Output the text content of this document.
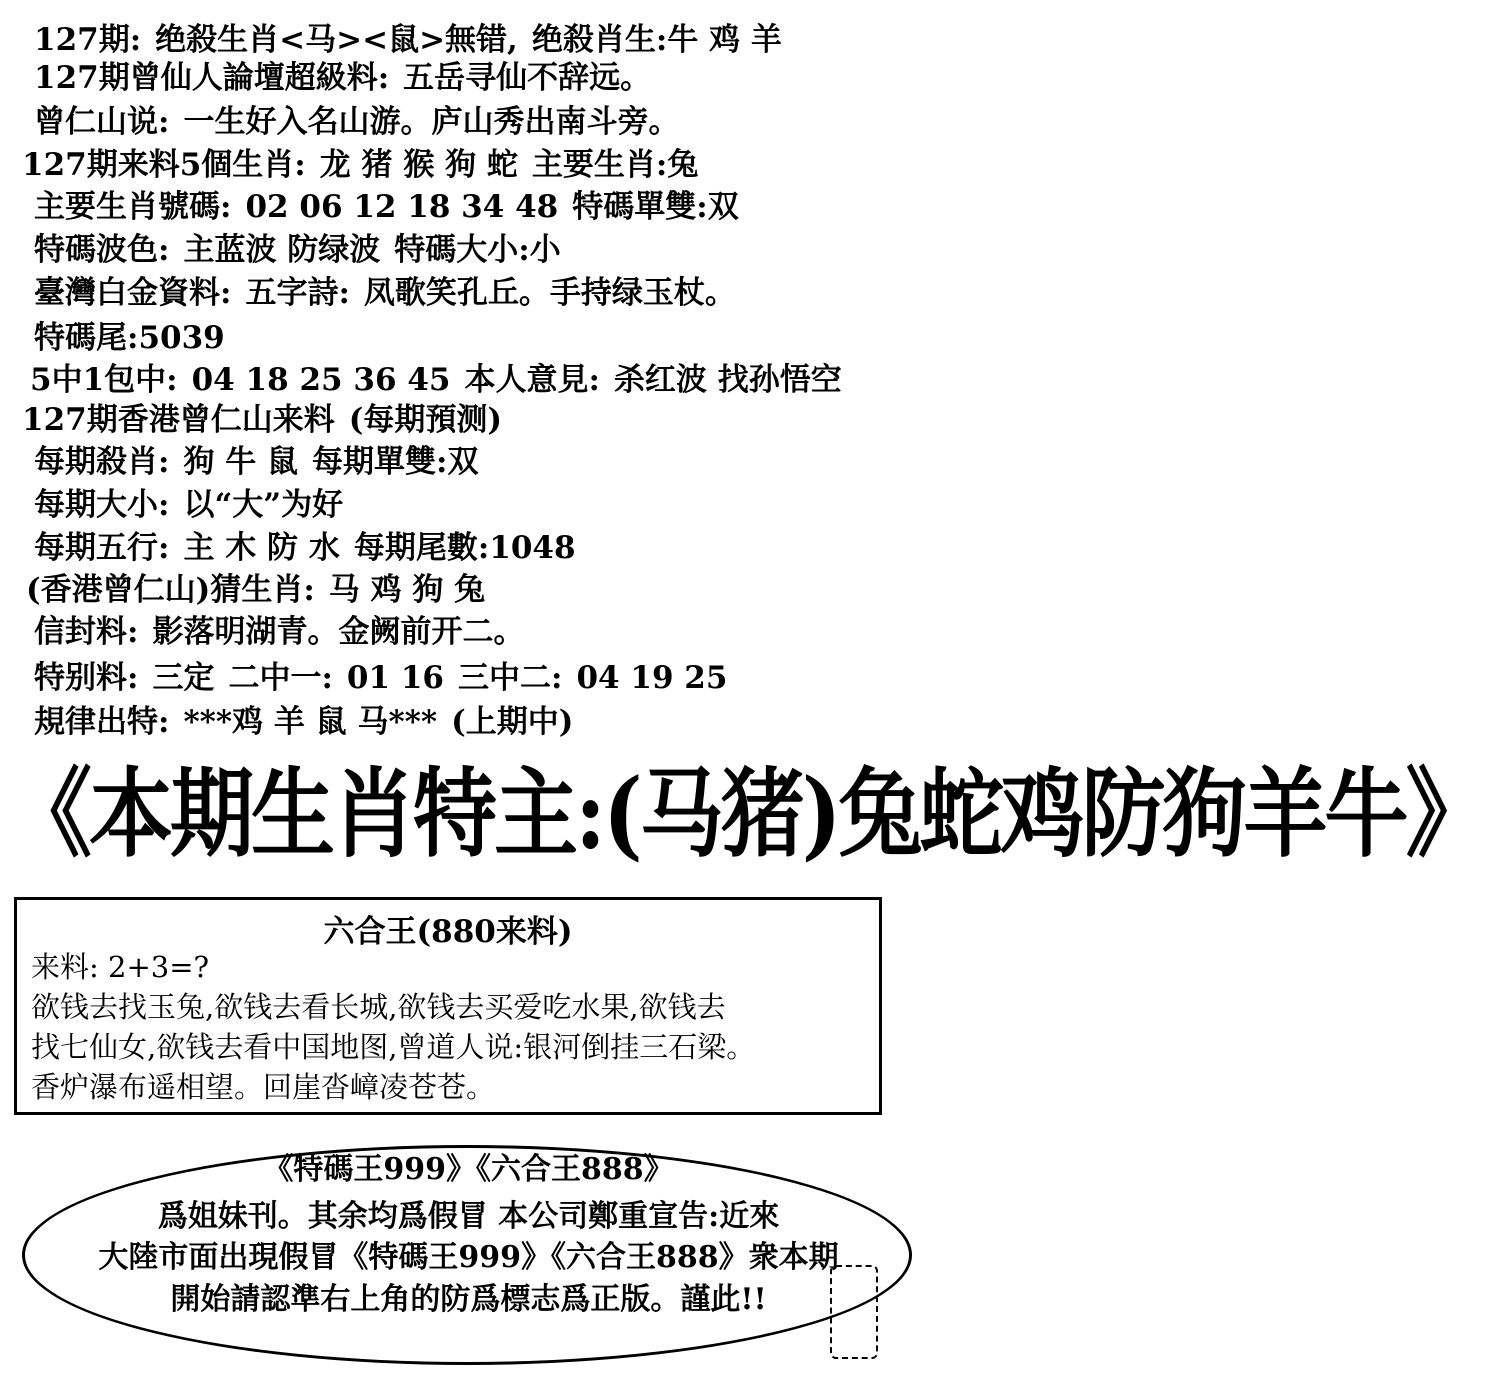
127期: 绝殺生肖<马><鼠>無错, 绝殺肖生:牛 鸡 羊
127期曾仙人論壇超級料: 五岳寻仙不辞远。
曾仁山说: 一生好入名山游。庐山秀出南斗旁。
127期来料5個生肖: 龙 猪 猴 狗 蛇 主要生肖:兔
主要生肖號碼: 02 06 12 18 34 48 特碼單雙:双
特碼波色: 主蓝波 防绿波 特碼大小:小
臺灣白金資料: 五字詩: 凤歌笑孔丘。手持绿玉杖。
特碼尾:5039
5中1包中: 04 18 25 36 45 本人意見: 杀红波 找孙悟空
127期香港曾仁山来料 (每期預测)
每期殺肖: 狗 牛 鼠 每期單雙:双
每期大小: 以“大”为好
每期五行: 主 木 防 水 每期尾數:1048
(香港曾仁山)猜生肖: 马 鸡 狗 兔
信封料: 影落明湖青。金阙前开二。
特别料: 三定 二中一: 01 16 三中二: 04 19 25
規律出特: ***鸡 羊 鼠 马*** (上期中)
《本期生肖特主:(马猪)兔蛇鸡防狗羊牛》
六合王(880来料)
来料: 2+3=?
欲钱去找玉兔,欲钱去看长城,欲钱去买爱吃水果,欲钱去
找七仙女,欲钱去看中国地图,曾道人说:银河倒挂三石梁。
香炉瀑布遥相望。回崖沓嶂凌苍苍。
《特碼王999》《六合王888》
爲姐妹刊。其余均爲假冒 本公司鄭重宣告:近來
大陸市面出現假冒《特碼王999》《六合王888》衆本期
開始請認準右上角的防爲標志爲正版。謹此!!
